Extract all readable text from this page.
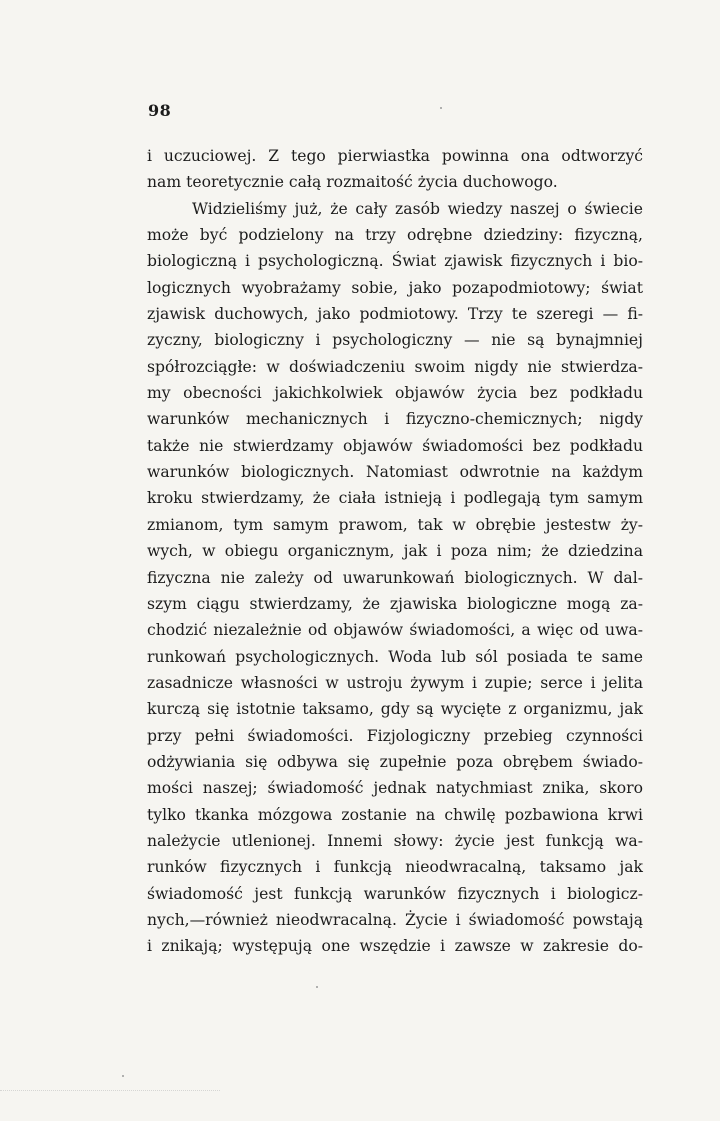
98
i uczuciowej. Z tego pierwiastka powinna ona odtworzyć
nam teoretycznie całą rozmaitość życia duchowogo.
Widzieliśmy już, że cały zasób wiedzy naszej o świecie
może być podzielony na trzy odrębne dziedziny: fizyczną,
biologiczną i psychologiczną. Świat zjawisk fizycznych i bio-
logicznych wyobrażamy sobie, jako pozapodmiotowy; świat
zjawisk duchowych, jako podmiotowy. Trzy te szeregi — fi-
zyczny, biologiczny i psychologiczny — nie są bynajmniej
spółrozciągłe: w doświadczeniu swoim nigdy nie stwierdza-
my obecności jakichkolwiek objawów życia bez podkładu
warunków mechanicznych i fizyczno-chemicznych; nigdy
także nie stwierdzamy objawów świadomości bez podkładu
warunków biologicznych. Natomiast odwrotnie na każdym
kroku stwierdzamy, że ciała istnieją i podlegają tym samym
zmianom, tym samym prawom, tak w obrębie jestestw ży-
wych, w obiegu organicznym, jak i poza nim; że dziedzina
fizyczna nie zależy od uwarunkowań biologicznych. W dal-
szym ciągu stwierdzamy, że zjawiska biologiczne mogą za-
chodzić niezależnie od objawów świadomości, a więc od uwa-
runkowań psychologicznych. Woda lub sól posiada te same
zasadnicze własności w ustroju żywym i zupie; serce i jelita
kurczą się istotnie taksamo, gdy są wycięte z organizmu, jak
przy pełni świadomości. Fizjologiczny przebieg czynności
odżywiania się odbywa się zupełnie poza obrębem świado-
mości naszej; świadomość jednak natychmiast znika, skoro
tylko tkanka mózgowa zostanie na chwilę pozbawiona krwi
należycie utlenionej. Innemi słowy: życie jest funkcją wa-
runków fizycznych i funkcją nieodwracalną, taksamo jak
świadomość jest funkcją warunków fizycznych i biologicz-
nych,—również nieodwracalną. Życie i świadomość powstają
i znikają; występują one wszędzie i zawsze w zakresie do-
